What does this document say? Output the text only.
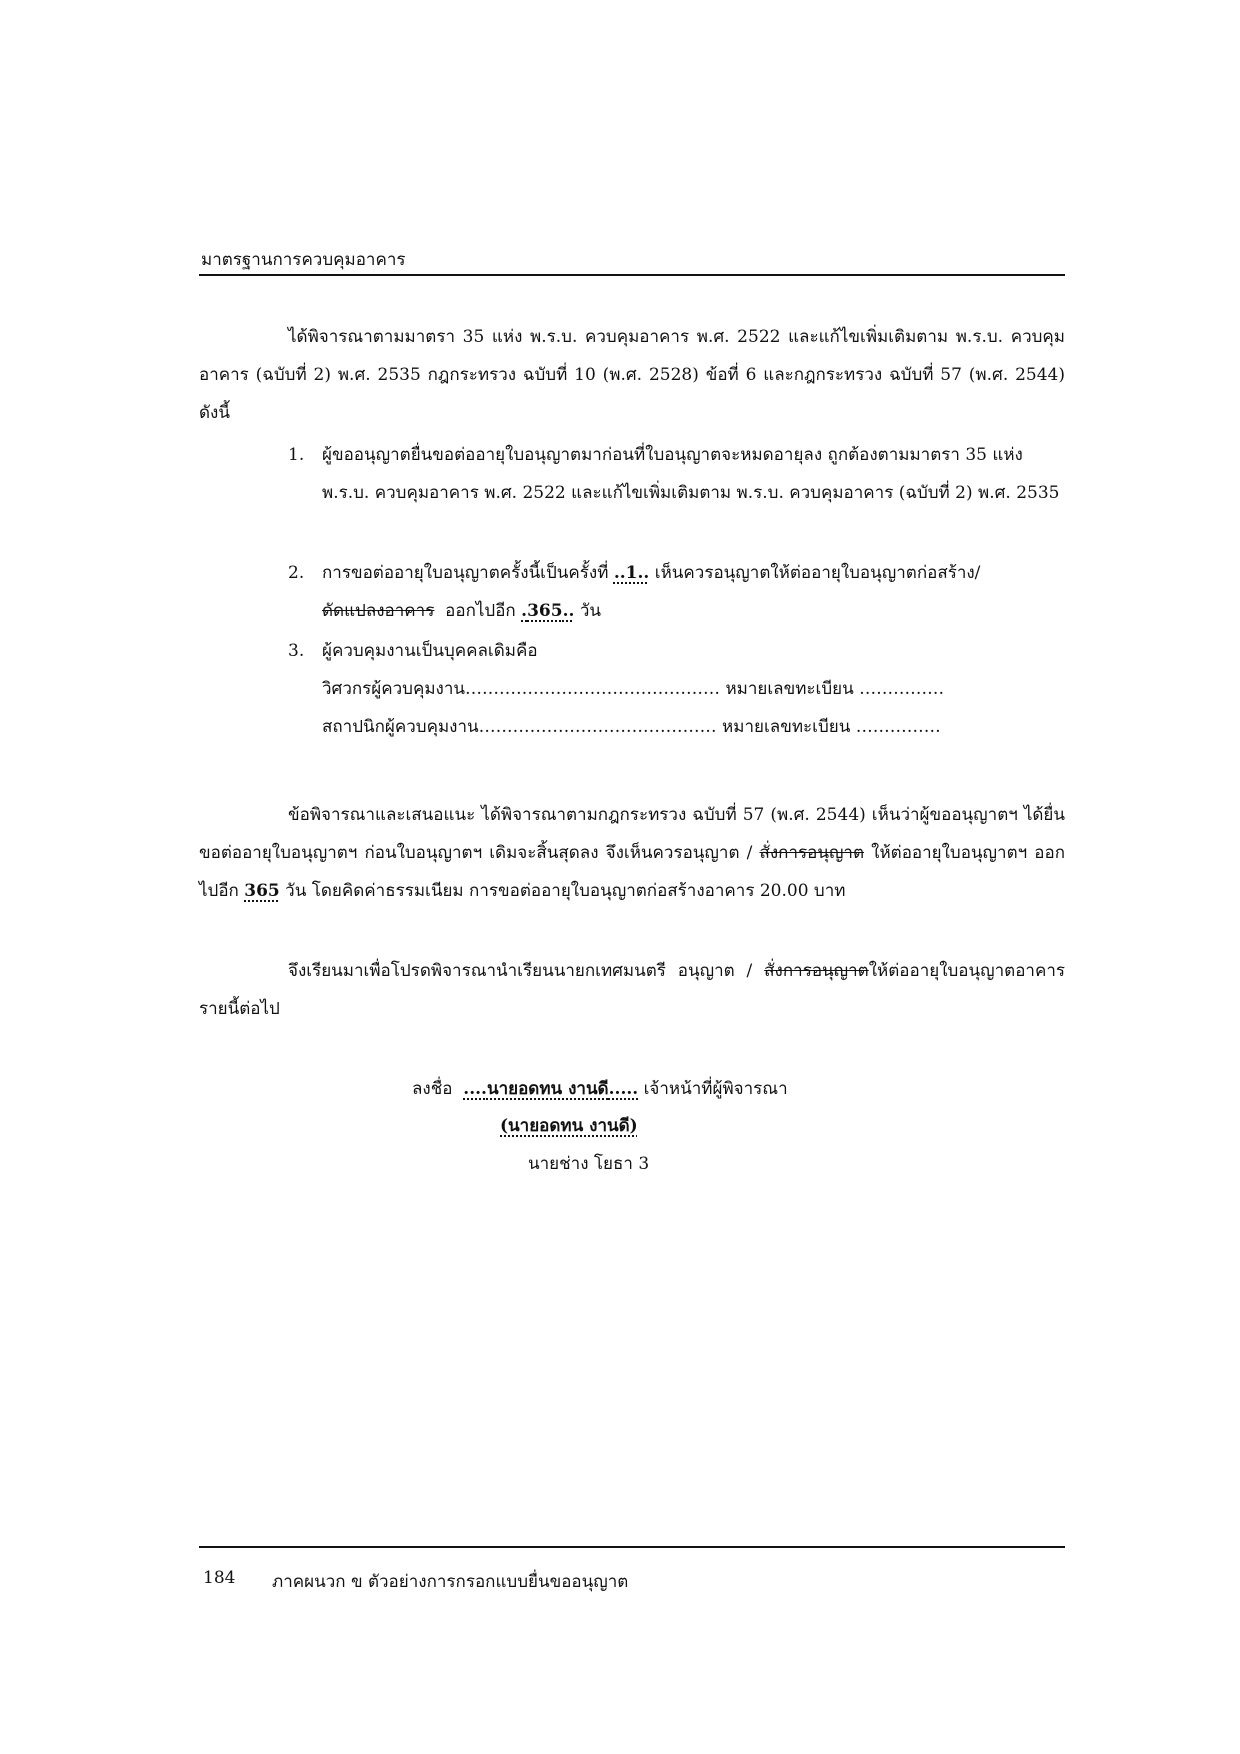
มาตรฐานการควบคุมอาคาร
ได้พิจารณาตามมาตรา 35 แห่ง พ.ร.บ. ควบคุมอาคาร พ.ศ. 2522 และแก้ไขเพิ่มเติมตาม พ.ร.บ. ควบคุมอาคาร (ฉบับที่ 2) พ.ศ. 2535 กฎกระทรวง ฉบับที่ 10 (พ.ศ. 2528) ข้อที่ 6 และกฎกระทรวง ฉบับที่ 57 (พ.ศ. 2544) ดังนี้
1. ผู้ขออนุญาตยื่นขอต่ออายุใบอนุญาตมาก่อนที่ใบอนุญาตจะหมดอายุลง ถูกต้องตามมาตรา 35 แห่ง พ.ร.บ. ควบคุมอาคาร พ.ศ. 2522 และแก้ไขเพิ่มเติมตาม พ.ร.บ. ควบคุมอาคาร (ฉบับที่ 2) พ.ศ. 2535
2. การขอต่ออายุใบอนุญาตครั้งนี้เป็นครั้งที่ ..1.. เห็นควรอนุญาตให้ต่ออายุใบอนุญาตก่อสร้าง/
ดัดแปลงอาคาร ออกไปอีก .365.. วัน
3. ผู้ควบคุมงานเป็นบุคคลเดิมคือ
วิศวกรผู้ควบคุมงาน……………………………………… หมายเลขทะเบียน ……………
สถาปนิกผู้ควบคุมงาน…………………………………… หมายเลขทะเบียน ……………
ข้อพิจารณาและเสนอแนะ ได้พิจารณาตามกฎกระทรวง ฉบับที่ 57 (พ.ศ. 2544) เห็นว่าผู้ขออนุญาตฯ ได้ยื่นขอต่ออายุใบอนุญาตฯ ก่อนใบอนุญาตฯ เดิมจะสิ้นสุดลง จึงเห็นควรอนุญาต / สั่งการอนุญาต ให้ต่ออายุใบอนุญาตฯ ออกไปอีก 365 วัน โดยคิดค่าธรรมเนียม การขอต่ออายุใบอนุญาตก่อสร้างอาคาร 20.00 บาท
จึงเรียนมาเพื่อโปรดพิจารณานำเรียนนายกเทศมนตรี อนุญาต / สั่งการอนุญาตให้ต่ออายุใบอนุญาตอาคารรายนี้ต่อไป
ลงชื่อ ....นายอดทน งานดี..... เจ้าหน้าที่ผู้พิจารณา
(นายอดทน งานดี)
นายช่าง โยธา 3
184 ภาคผนวก ข ตัวอย่างการกรอกแบบยื่นขออนุญาต
